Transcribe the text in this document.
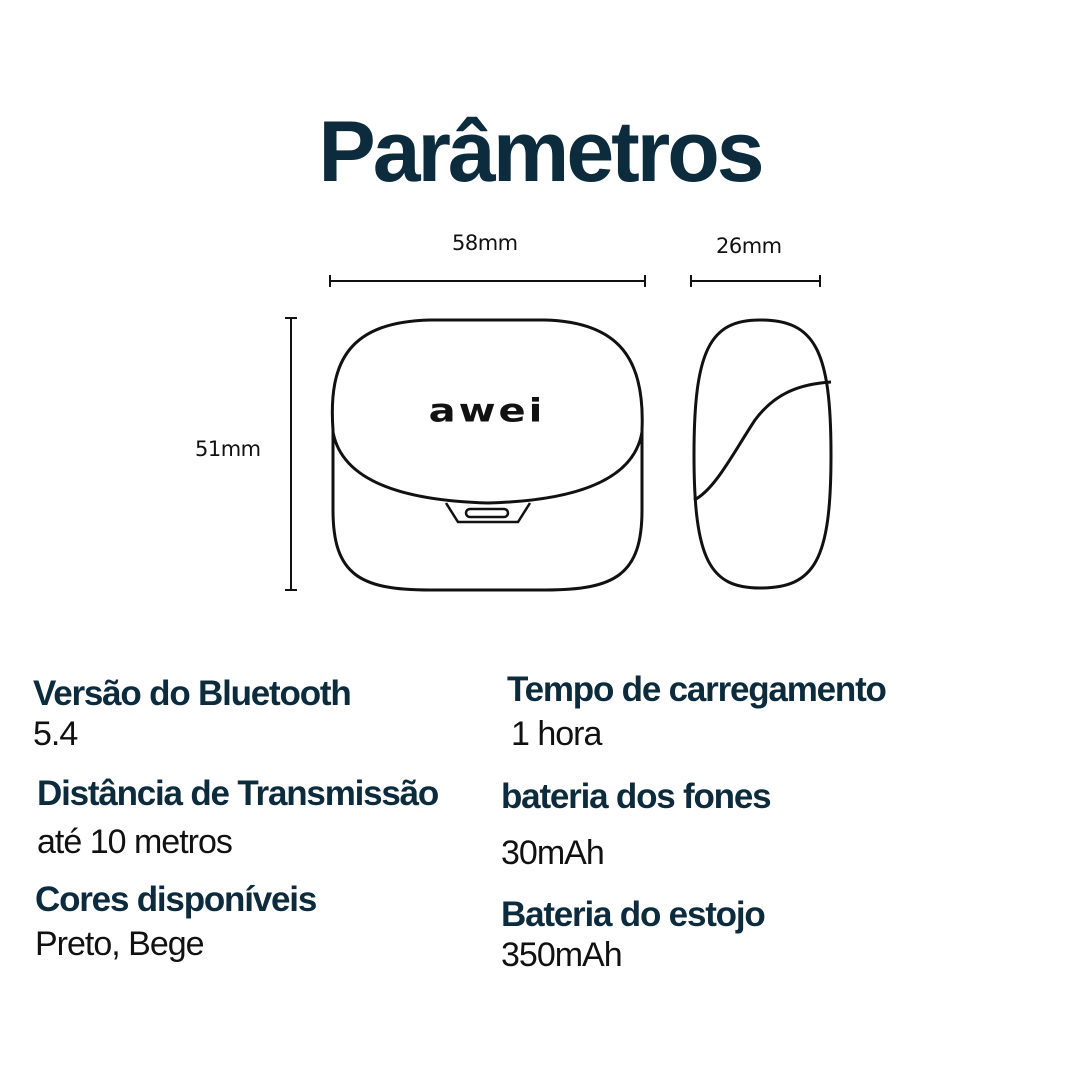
Parâmetros
58mm	26mm
51mm
awei
Versão do Bluetooth
5.4
Distância de Transmissão
até 10 metros
Cores disponíveis
Preto, Bege
Tempo de carregamento
1 hora
bateria dos fones
30mAh
Bateria do estojo
350mAh
